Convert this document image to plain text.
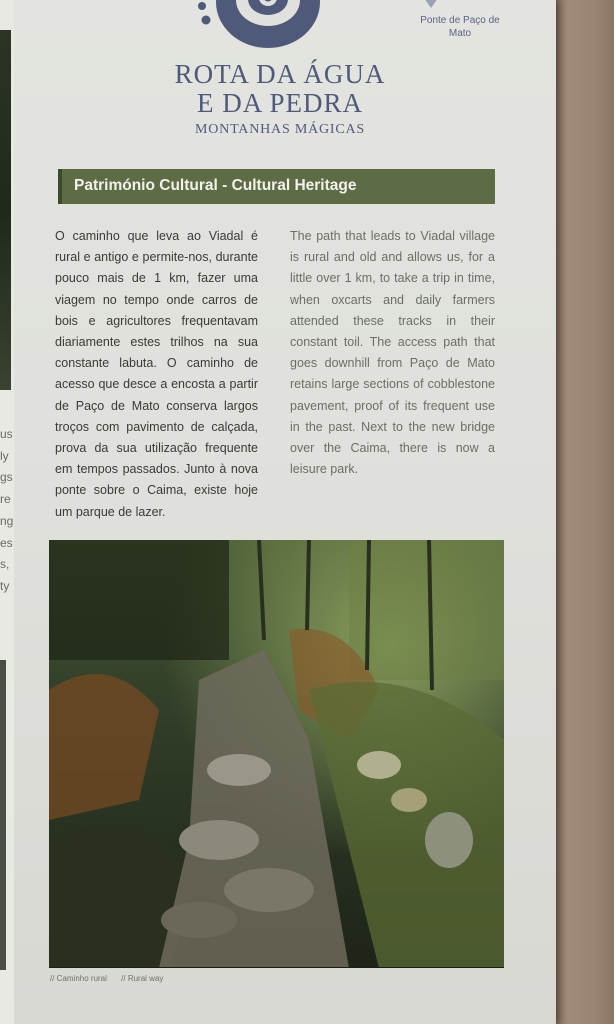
us
ly
gs
re
ng
es
s,
ty
Ponte de Paço de Mato
ROTA DA ÁGUA
E DA PEDRA
MONTANHAS MÁGICAS
Património Cultural - Cultural Heritage
O caminho que leva ao Viadal é rural e antigo e permite-nos, durante pouco mais de 1 km, fazer uma viagem no tempo onde carros de bois e agricultores frequentavam diariamente estes trilhos na sua constante labuta. O caminho de acesso que desce a encosta a partir de Paço de Mato conserva largos troços com pavimento de calçada, prova da sua utilização frequente em tempos passados. Junto à nova ponte sobre o Caima, existe hoje um parque de lazer.
The path that leads to Viadal village is rural and old and allows us, for a little over 1 km, to take a trip in time, when oxcarts and daily farmers attended these tracks in their constant toil. The access path that goes downhill from Paço de Mato retains large sections of cobblestone pavement, proof of its frequent use in the past. Next to the new bridge over the Caima, there is now a leisure park.
// Caminho rural // Rural way
